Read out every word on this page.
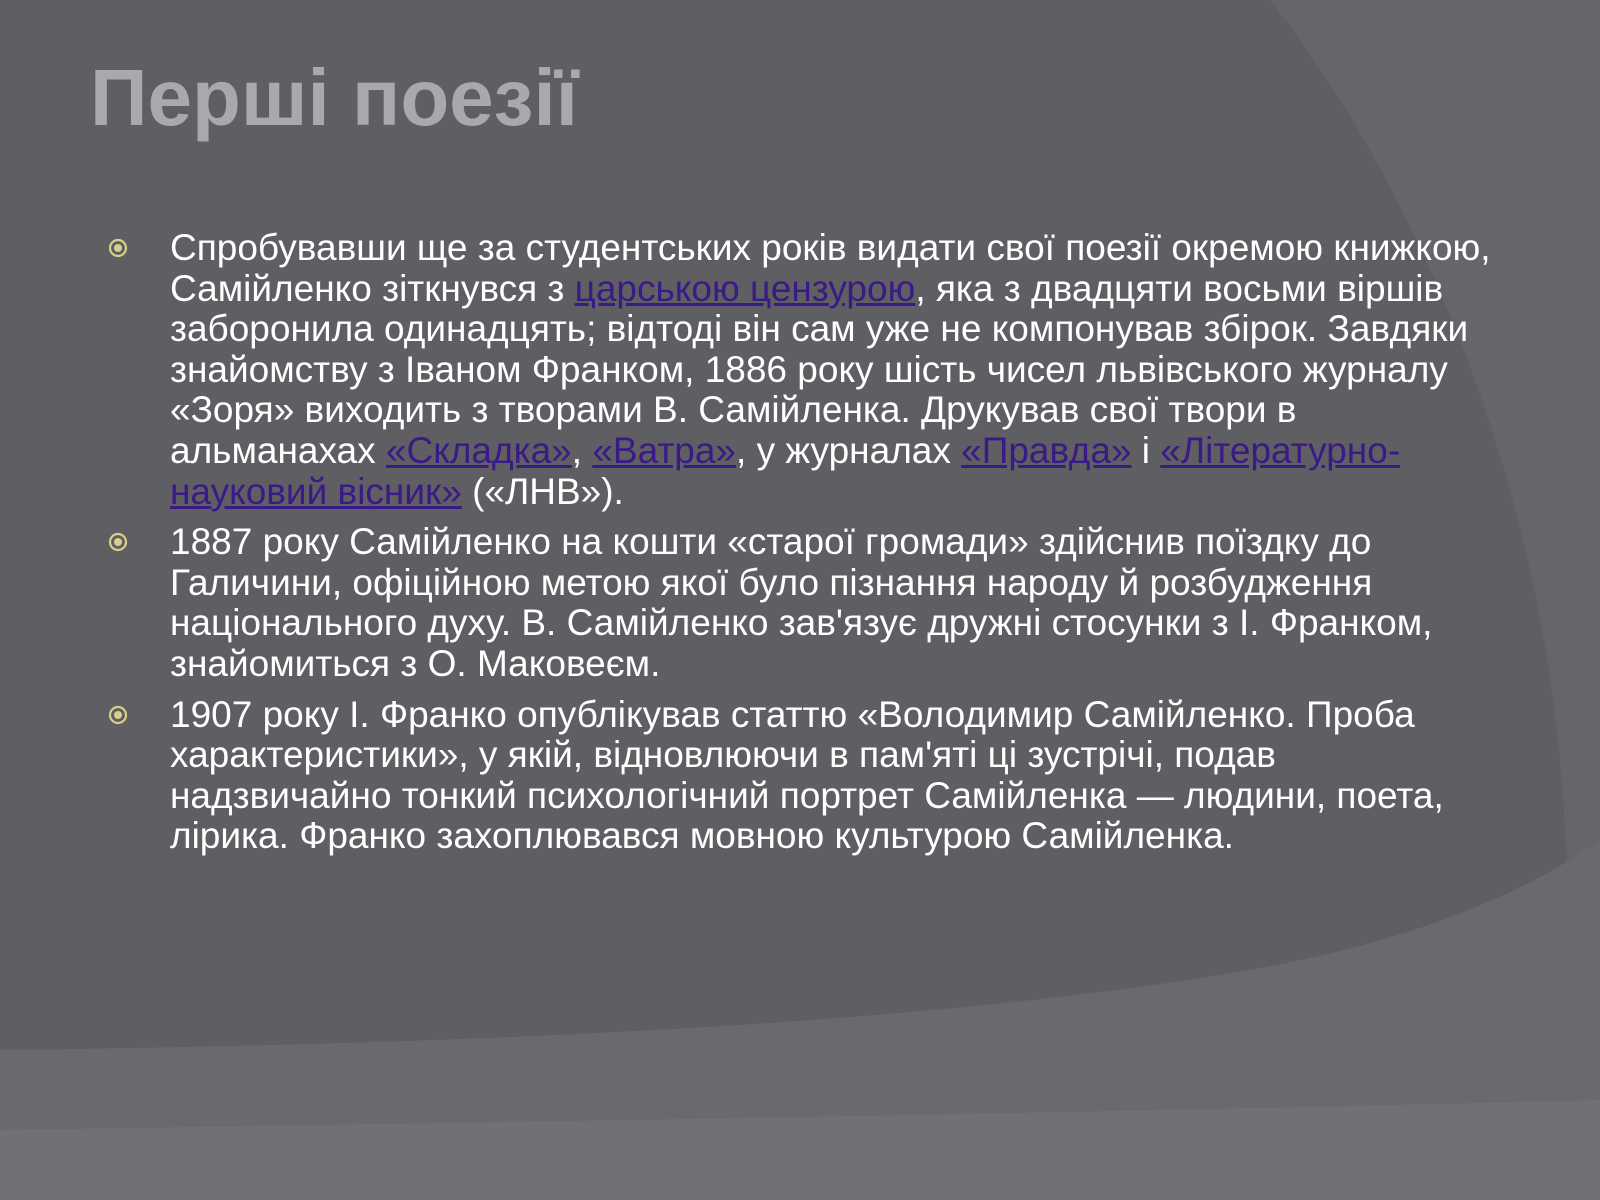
Перші поезії
Спробувавши ще за студентських років видати свої поезії окремою книжкою, Самійленко зіткнувся з царською цензурою, яка з двадцяти восьми віршів заборонила одинадцять; відтоді він сам уже не компонував збірок. Завдяки знайомству з Іваном Франком, 1886 року шість чисел львівського журналу «Зоря» виходить з творами В. Самійленка. Друкував свої твори в альманахах «Складка», «Ватра», у журналах «Правда» і «Літературно-науковий вісник» («ЛНВ»).
1887 року Самійленко на кошти «старої громади» здійснив поїздку до Галичини, офіційною метою якої було пізнання народу й розбудження національного духу. В. Самійленко зав'язує дружні стосунки з І. Франком, знайомиться з О. Маковеєм.
1907 року І. Франко опублікував статтю «Володимир Самійленко. Проба характеристики», у якій, відновлюючи в пам'яті ці зустрічі, подав надзвичайно тонкий психологічний портрет Самійленка — людини, поета, лірика. Франко захоплювався мовною культурою Самійленка.
